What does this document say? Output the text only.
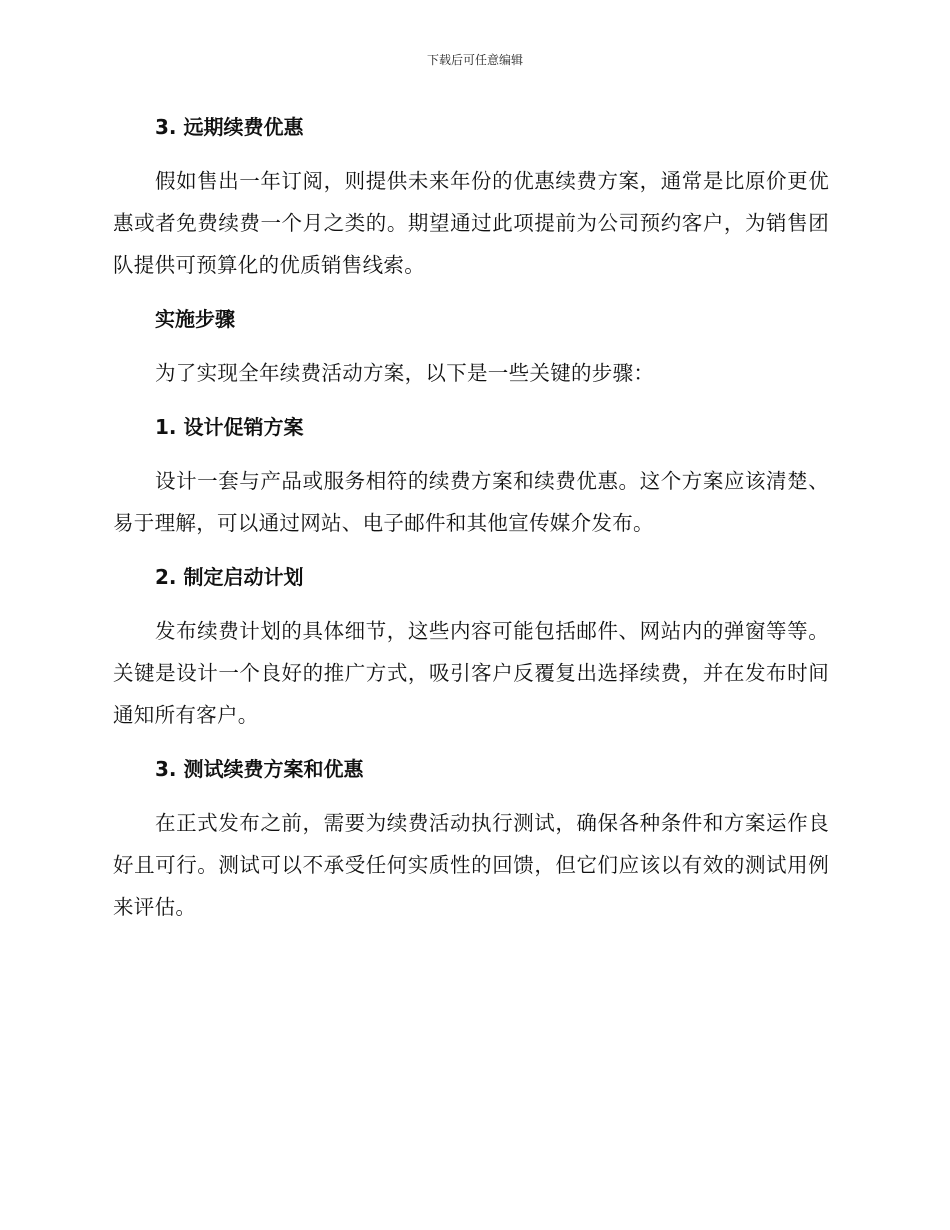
下载后可任意编辑
3. 远期续费优惠
假如售出一年订阅，则提供未来年份的优惠续费方案，通常是比原价更优惠或者免费续费一个月之类的。期望通过此项提前为公司预约客户，为销售团队提供可预算化的优质销售线索。
实施步骤
为了实现全年续费活动方案，以下是一些关键的步骤：
1. 设计促销方案
设计一套与产品或服务相符的续费方案和续费优惠。这个方案应该清楚、易于理解，可以通过网站、电子邮件和其他宣传媒介发布。
2. 制定启动计划
发布续费计划的具体细节，这些内容可能包括邮件、网站内的弹窗等等。关键是设计一个良好的推广方式，吸引客户反覆复出选择续费，并在发布时间通知所有客户。
3. 测试续费方案和优惠
在正式发布之前，需要为续费活动执行测试，确保各种条件和方案运作良好且可行。测试可以不承受任何实质性的回馈，但它们应该以有效的测试用例来评估。
